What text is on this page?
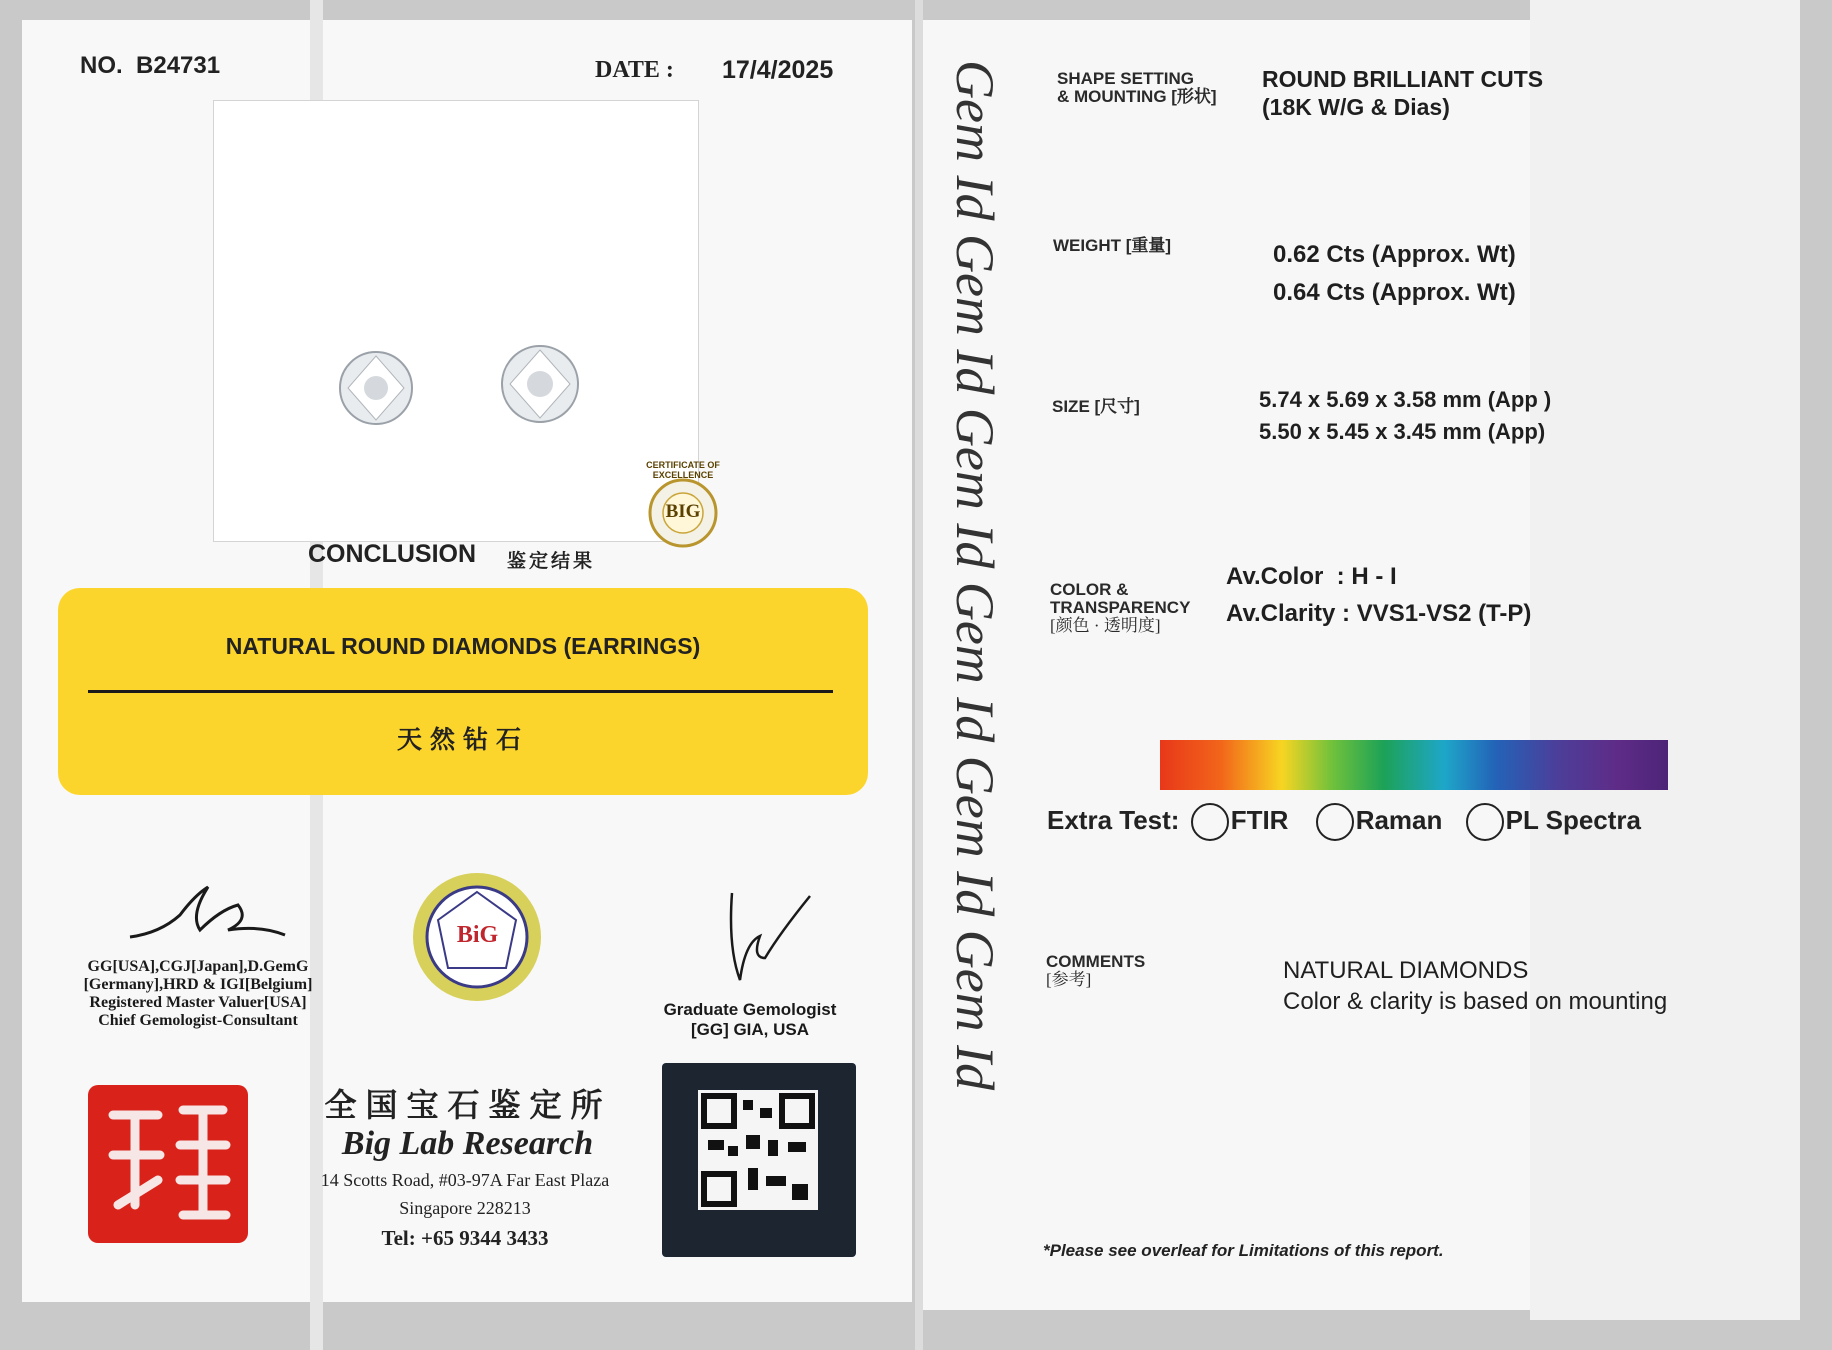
NO. B24731	DATE : 17/4/2025
BIG
CERTIFICATE OF EXCELLENCE
CONCLUSION 鉴定结果
NATURAL ROUND DIAMONDS (EARRINGS)
天然钻石
GG[USA],CGJ[Japan],D.GemG
[Germany],HRD & IGI[Belgium]
Registered Master Valuer[USA]
Chief Gemologist-Consultant
BiG
Graduate Gemologist
[GG] GIA, USA
全国宝石鉴定所
Big Lab Research
14 Scotts Road, #03-97A Far East Plaza
Singapore 228213
Tel: +65 9344 3433
Gem Id Gem Id Gem Id Gem Id Gem Id Gem Id	SHAPE SETTING
& MOUNTING [形状]
ROUND BRILLIANT CUTS
(18K W/G & Dias)
WEIGHT [重量]	0.62 Cts (Approx. Wt)
0.64 Cts (Approx. Wt)
SIZE [尺寸]	5.74 x 5.69 x 3.58 mm (App )
5.50 x 5.45 x 3.45 mm (App)
COLOR &
TRANSPARENCY
[颜色 · 透明度]
Av.Color  : H - I
Av.Clarity : VVS1-VS2 (T-P)
Extra Test: FTIR	Raman PL Spectra
COMMENTS
[参考]	NATURAL DIAMONDS
Color & clarity is based on mounting
*Please see overleaf for Limitations of this report.
